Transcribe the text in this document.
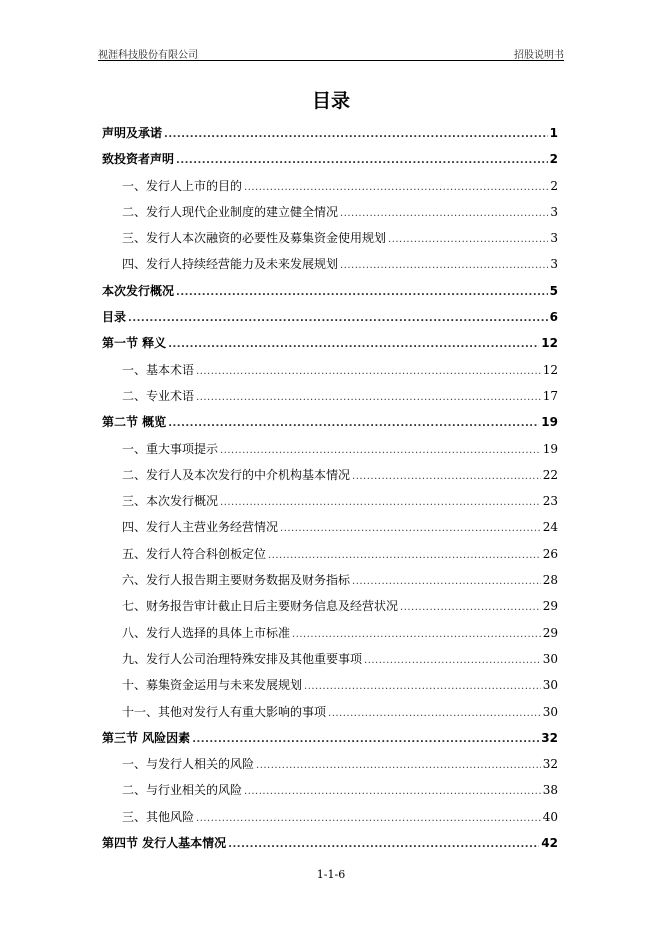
视涯科技股份有限公司	招股说明书
目录
声明及承诺 .....	1
致投资者声明 .....	2
一、发行人上市的目的 .....	2
二、发行人现代企业制度的建立健全情况 .....	3
三、发行人本次融资的必要性及募集资金使用规划 .....	3
四、发行人持续经营能力及未来发展规划 .....	3
本次发行概况 .....	5
目录 .....	6
第一节 释义 .....	12
一、基本术语 .....	12
二、专业术语 .....	17
第二节 概览 .....	19
一、重大事项提示 .....	19
二、发行人及本次发行的中介机构基本情况 .....	22
三、本次发行概况 .....	23
四、发行人主营业务经营情况 .....	24
五、发行人符合科创板定位 .....	26
六、发行人报告期主要财务数据及财务指标 .....	28
七、财务报告审计截止日后主要财务信息及经营状况 .....	29
八、发行人选择的具体上市标准 .....	29
九、发行人公司治理特殊安排及其他重要事项 .....	30
十、募集资金运用与未来发展规划 .....	30
十一、其他对发行人有重大影响的事项 .....	30
第三节 风险因素 .....	32
一、与发行人相关的风险 .....	32
二、与行业相关的风险 .....	38
三、其他风险 .....	40
第四节 发行人基本情况 .....	42
1-1-6
